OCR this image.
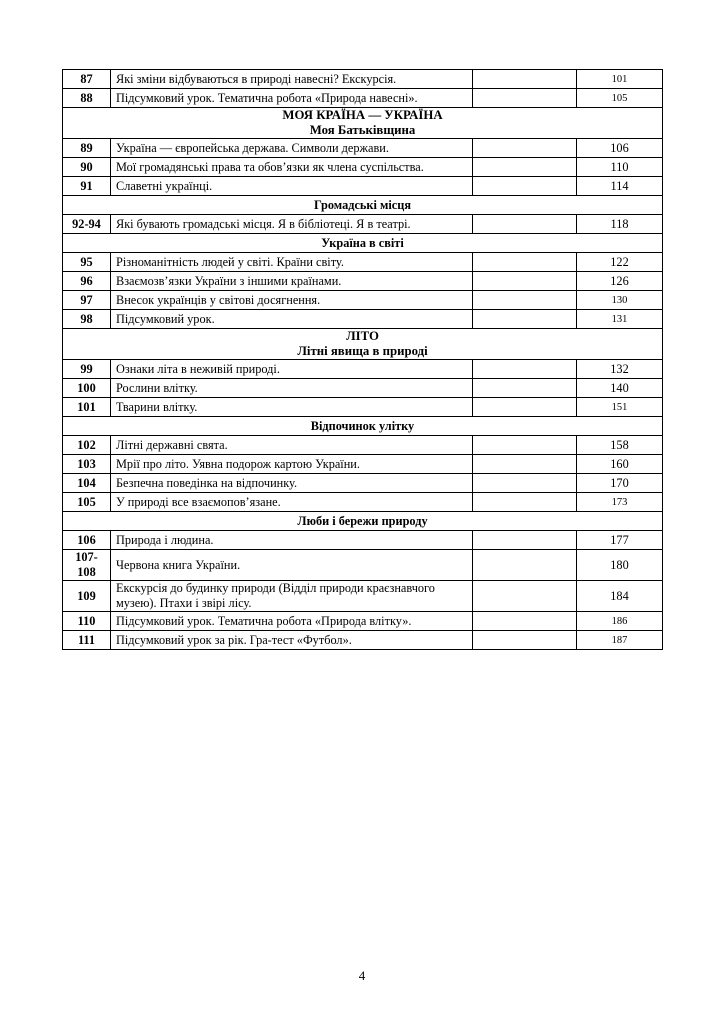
87	Які зміни відбуваються в природі навесні? Екскурсія.		101
88	Підсумковий урок. Тематична робота «Природа навесні».		105

МОЯ КРАЇНА — УКРАЇНА
Моя Батьківщина			

89	Україна — європейська держава. Символи держави.		106
90	Мої громадянські права та обов’язки як члена суспільства.		110
91	Славетні українці.		114

Громадські місця			

92-94	Які бувають громадські місця. Я в бібліотеці. Я в театрі.		118

Україна в світі			

95	Різноманітність людей у світі. Країни світу.		122
96	Взаємозв’язки України з іншими країнами.		126
97	Внесок українців у світові досягнення.		130
98	Підсумковий урок.		131

ЛІТО
Літні явища в природі			

99	Ознаки літа в неживій природі.		132
100	Рослини влітку.		140
101	Тварини влітку.		151

Відпочинок улітку			

102	Літні державні свята.		158
103	Мрії про літо. Уявна подорож картою України.		160
104	Безпечна поведінка на відпочинку.		170
105	У природі все взаємопов’язане.		173

Люби і бережи природу			

106	Природа і людина.		177
107-108	Червона книга України.		180
109	Екскурсія до будинку природи (Відділ природи краєзнавчого музею). Птахи і звірі лісу.		184
110	Підсумковий урок. Тематична робота «Природа влітку».		186
111	Підсумковий урок за рік. Гра-тест «Футбол».		187
4
